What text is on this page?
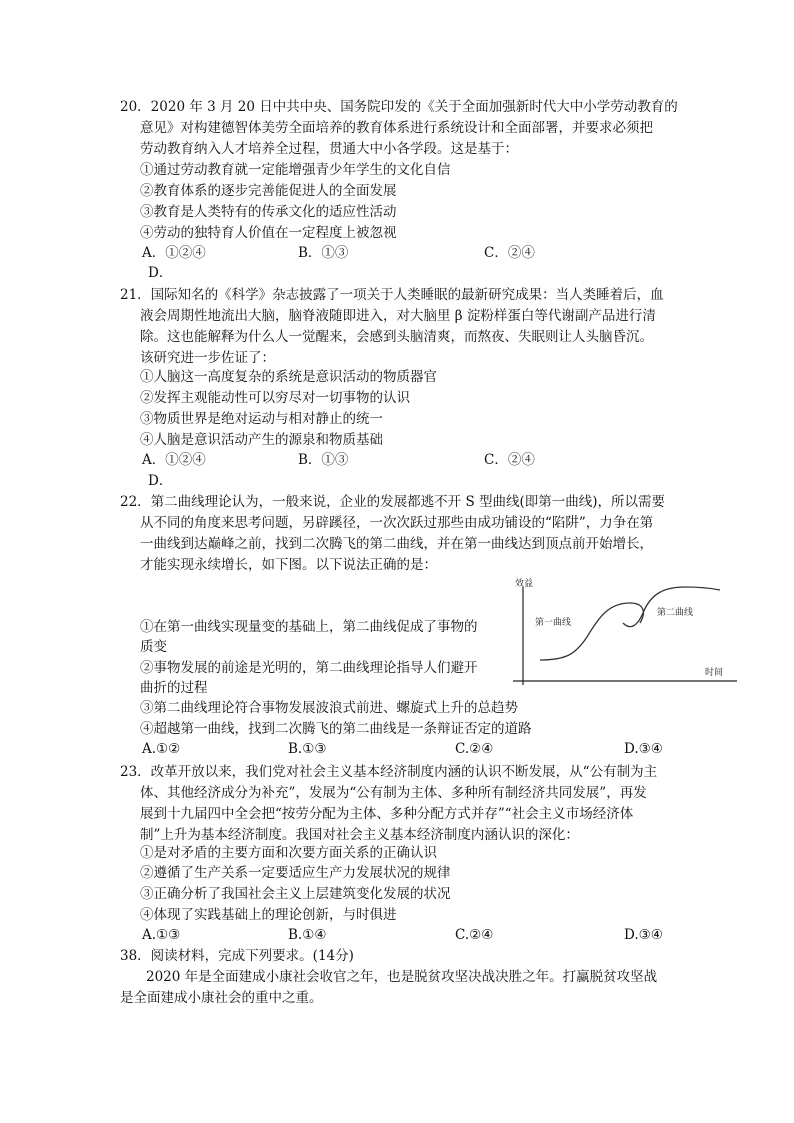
20．2020 年 3 月 20 日中共中央、国务院印发的《关于全面加强新时代大中小学劳动教育的
意见》对构建德智体美劳全面培养的教育体系进行系统设计和全面部署，并要求必须把
劳动教育纳入人才培养全过程，贯通大中小各学段。这是基于：
①通过劳动教育就一定能增强青少年学生的文化自信
②教育体系的逐步完善能促进人的全面发展
③教育是人类特有的传承文化的适应性活动
④劳动的独特育人价值在一定程度上被忽视
A．①②④	B．①③	C．②④
D．
21．国际知名的《科学》杂志披露了一项关于人类睡眠的最新研究成果：当人类睡着后，血
液会周期性地流出大脑，脑脊液随即进入，对大脑里 β 淀粉样蛋白等代谢副产品进行清
除。这也能解释为什么人一觉醒来，会感到头脑清爽，而熬夜、失眠则让人头脑昏沉。
该研究进一步佐证了：
①人脑这一高度复杂的系统是意识活动的物质器官
②发挥主观能动性可以穷尽对一切事物的认识
③物质世界是绝对运动与相对静止的统一
④人脑是意识活动产生的源泉和物质基础
A．①②④	B．①③	C．②④
D．
22．第二曲线理论认为，一般来说，企业的发展都逃不开 S 型曲线(即第一曲线)，所以需要
从不同的角度来思考问题，另辟蹊径，一次次跃过那些由成功铺设的“陷阱”，力争在第
一曲线到达巅峰之前，找到二次腾飞的第二曲线，并在第一曲线达到顶点前开始增长，
才能实现永续增长，如下图。以下说法正确的是：
①在第一曲线实现量变的基础上，第二曲线促成了事物的
质变
②事物发展的前途是光明的，第二曲线理论指导人们避开
曲折的过程
③第二曲线理论符合事物发展波浪式前进、螺旋式上升的总趋势
④超越第一曲线，找到二次腾飞的第二曲线是一条辩证否定的道路
A.①②	B.①③	C.②④	D.③④
效益
时间
第一曲线
第二曲线
23．改革开放以来，我们党对社会主义基本经济制度内涵的认识不断发展，从“公有制为主
体、其他经济成分为补充”，发展为“公有制为主体、多种所有制经济共同发展”，再发
展到十九届四中全会把“按劳分配为主体、多种分配方式并存”“社会主义市场经济体
制”上升为基本经济制度。我国对社会主义基本经济制度内涵认识的深化：
①是对矛盾的主要方面和次要方面关系的正确认识
②遵循了生产关系一定要适应生产力发展状况的规律
③正确分析了我国社会主义上层建筑变化发展的状况
④体现了实践基础上的理论创新，与时俱进
A.①③	B.①④	C.②④	D.③④
38．阅读材料，完成下列要求。(14分)
2020 年是全面建成小康社会收官之年，也是脱贫攻坚决战决胜之年。打赢脱贫攻坚战
是全面建成小康社会的重中之重。
